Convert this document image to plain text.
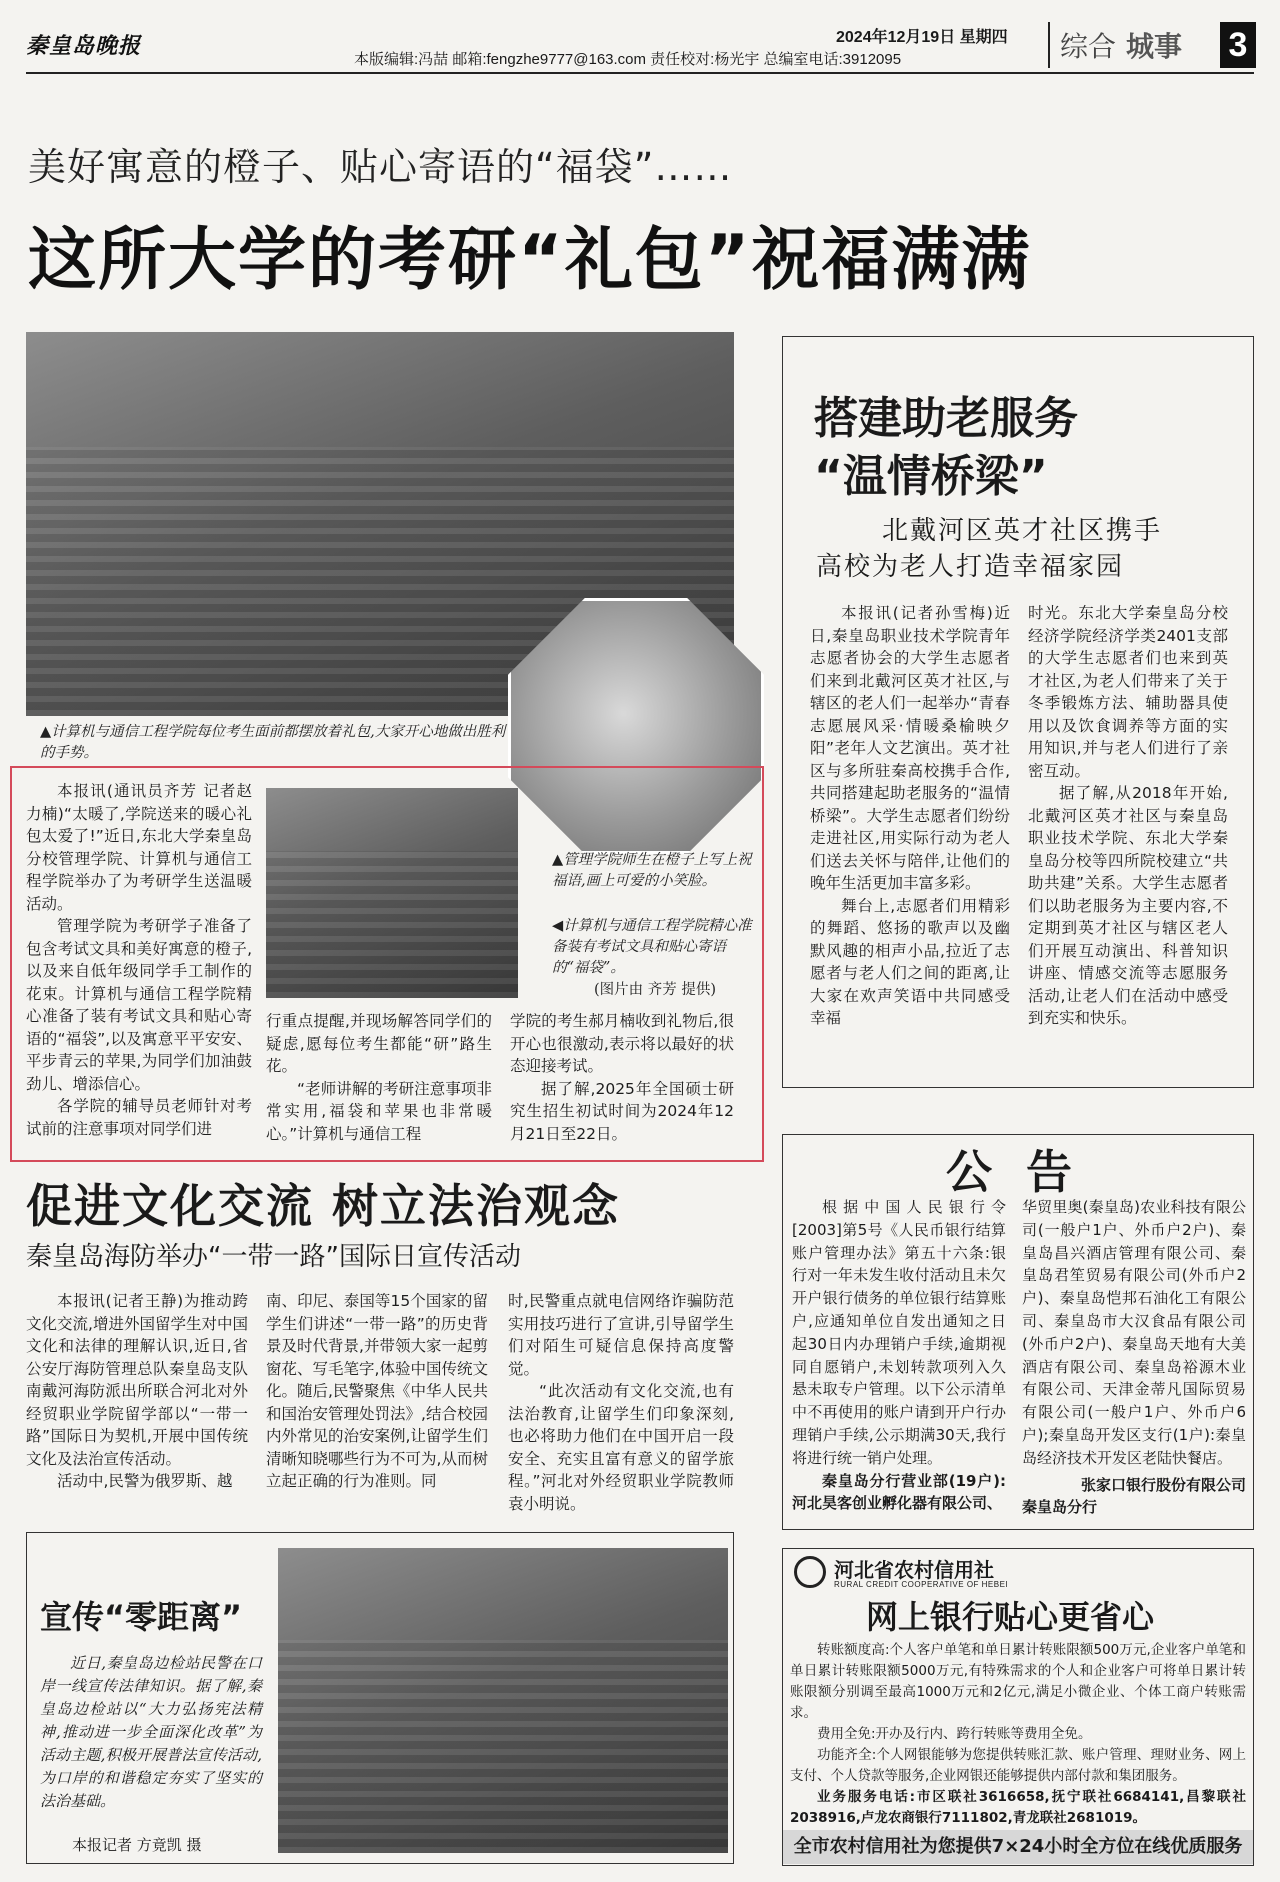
秦皇岛晚报	2024年12月19日 星期四
本版编辑:冯喆 邮箱:fengzhe9777@163.com 责任校对:杨光宇 总编室电话:3912095	综合 城事 3
美好寓意的橙子、贴心寄语的“福袋”……
这所大学的考研“礼包”祝福满满
▲计算机与通信工程学院每位考生面前都摆放着礼包,大家开心地做出胜利的手势。
▲管理学院师生在橙子上写上祝福语,画上可爱的小笑脸。
◀计算机与通信工程学院精心准备装有考试文具和贴心寄语的“福袋”。
(图片由 齐芳 提供)

本报讯(通讯员齐芳 记者赵力楠)“太暖了,学院送来的暖心礼包太爱了!”近日,东北大学秦皇岛分校管理学院、计算机与通信工程学院举办了为考研学生送温暖活动。

管理学院为考研学子准备了包含考试文具和美好寓意的橙子,以及来自低年级同学手工制作的花束。计算机与通信工程学院精心准备了装有考试文具和贴心寄语的“福袋”,以及寓意平平安安、平步青云的苹果,为同学们加油鼓劲儿、增添信心。

各学院的辅导员老师针对考试前的注意事项对同学们进

行重点提醒,并现场解答同学们的疑虑,愿每位考生都能“研”路生花。

“老师讲解的考研注意事项非常实用,福袋和苹果也非常暖心。”计算机与通信工程

学院的考生郝月楠收到礼物后,很开心也很激动,表示将以最好的状态迎接考试。

据了解,2025年全国硕士研究生招生初试时间为2024年12月21日至22日。

搭建助老服务
“温情桥梁”
北戴河区英才社区携手
高校为老人打造幸福家园

本报讯(记者孙雪梅)近日,秦皇岛职业技术学院青年志愿者协会的大学生志愿者们来到北戴河区英才社区,与辖区的老人们一起举办“青春志愿展风采·情暖桑榆映夕阳”老年人文艺演出。英才社区与多所驻秦高校携手合作,共同搭建起助老服务的“温情桥梁”。大学生志愿者们纷纷走进社区,用实际行动为老人们送去关怀与陪伴,让他们的晚年生活更加丰富多彩。

舞台上,志愿者们用精彩的舞蹈、悠扬的歌声以及幽默风趣的相声小品,拉近了志愿者与老人们之间的距离,让大家在欢声笑语中共同感受幸福

时光。东北大学秦皇岛分校经济学院经济学类2401支部的大学生志愿者们也来到英才社区,为老人们带来了关于冬季锻炼方法、辅助器具使用以及饮食调养等方面的实用知识,并与老人们进行了亲密互动。

据了解,从2018年开始,北戴河区英才社区与秦皇岛职业技术学院、东北大学秦皇岛分校等四所院校建立“共助共建”关系。大学生志愿者们以助老服务为主要内容,不定期到英才社区与辖区老人们开展互动演出、科普知识讲座、情感交流等志愿服务活动,让老人们在活动中感受到充实和快乐。

促进文化交流 树立法治观念
秦皇岛海防举办“一带一路”国际日宣传活动

本报讯(记者王静)为推动跨文化交流,增进外国留学生对中国文化和法律的理解认识,近日,省公安厅海防管理总队秦皇岛支队南戴河海防派出所联合河北对外经贸职业学院留学部以“一带一路”国际日为契机,开展中国传统文化及法治宣传活动。

活动中,民警为俄罗斯、越

南、印尼、泰国等15个国家的留学生们讲述“一带一路”的历史背景及时代背景,并带领大家一起剪窗花、写毛笔字,体验中国传统文化。随后,民警聚焦《中华人民共和国治安管理处罚法》,结合校园内外常见的治安案例,让留学生们清晰知晓哪些行为不可为,从而树立起正确的行为准则。同

时,民警重点就电信网络诈骗防范实用技巧进行了宣讲,引导留学生们对陌生可疑信息保持高度警觉。

“此次活动有文化交流,也有法治教育,让留学生们印象深刻,也必将助力他们在中国开启一段安全、充实且富有意义的留学旅程。”河北对外经贸职业学院教师袁小明说。

公告

根据中国人民银行令[2003]第5号《人民币银行结算账户管理办法》第五十六条:银行对一年未发生收付活动且未欠开户银行债务的单位银行结算账户,应通知单位自发出通知之日起30日内办理销户手续,逾期视同自愿销户,未划转款项列入久悬未取专户管理。以下公示清单中不再使用的账户请到开户行办理销户手续,公示期满30天,我行将进行统一销户处理。

秦皇岛分行营业部(19户):河北昊客创业孵化器有限公司、

华贸里奥(秦皇岛)农业科技有限公司(一般户1户、外币户2户)、秦皇岛昌兴酒店管理有限公司、秦皇岛君笙贸易有限公司(外币户2户)、秦皇岛恺邦石油化工有限公司、秦皇岛市大汉食品有限公司(外币户2户)、秦皇岛天地有大美酒店有限公司、秦皇岛裕源木业有限公司、天津金蒂凡国际贸易有限公司(一般户1户、外币户6户);秦皇岛开发区支行(1户):秦皇岛经济技术开发区老陆快餐店。

张家口银行股份有限公司

秦皇岛分行

宣传“零距离”
近日,秦皇岛边检站民警在口岸一线宣传法律知识。据了解,秦皇岛边检站以“大力弘扬宪法精神,推动进一步全面深化改革”为活动主题,积极开展普法宣传活动,为口岸的和谐稳定夯实了坚实的法治基础。
本报记者 方竟凯 摄
河北省农村信用社
RURAL CREDIT COOPERATIVE OF HEBEI
网上银行贴心更省心

转账额度高:个人客户单笔和单日累计转账限额500万元,企业客户单笔和单日累计转账限额5000万元,有特殊需求的个人和企业客户可将单日累计转账限额分别调至最高1000万元和2亿元,满足小微企业、个体工商户转账需求。

费用全免:开办及行内、跨行转账等费用全免。

功能齐全:个人网银能够为您提供转账汇款、账户管理、理财业务、网上支付、个人贷款等服务,企业网银还能够提供内部付款和集团服务。

业务服务电话:市区联社3616658,抚宁联社6684141,昌黎联社2038916,卢龙农商银行7111802,青龙联社2681019。

全市农村信用社为您提供7×24小时全方位在线优质服务
